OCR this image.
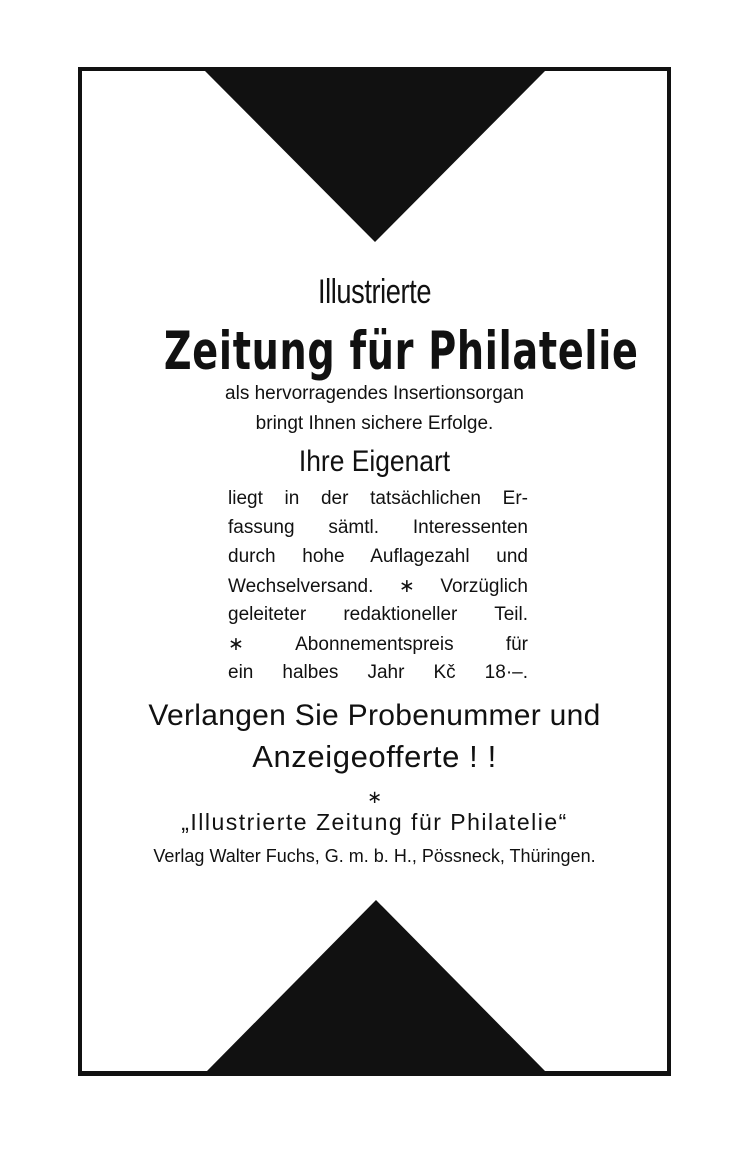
Illustrierte
Zeitung für Philatelie
als hervorragendes Insertionsorgan
bringt Ihnen sichere Erfolge.
Ihre Eigenart
liegt in der tatsächlichen Er-
fassung sämtl. Interessenten
durch hohe Auflagezahl und
Wechselversand. ∗ Vorzüglich
geleiteter redaktioneller Teil.
∗ Abonnementspreis für
ein halbes Jahr Kč 18·–.
Verlangen Sie Probenummer und
Anzeigeofferte ! !
∗
„Illustrierte Zeitung für Philatelie“
Verlag Walter Fuchs, G. m. b. H., Pössneck, Thüringen.
